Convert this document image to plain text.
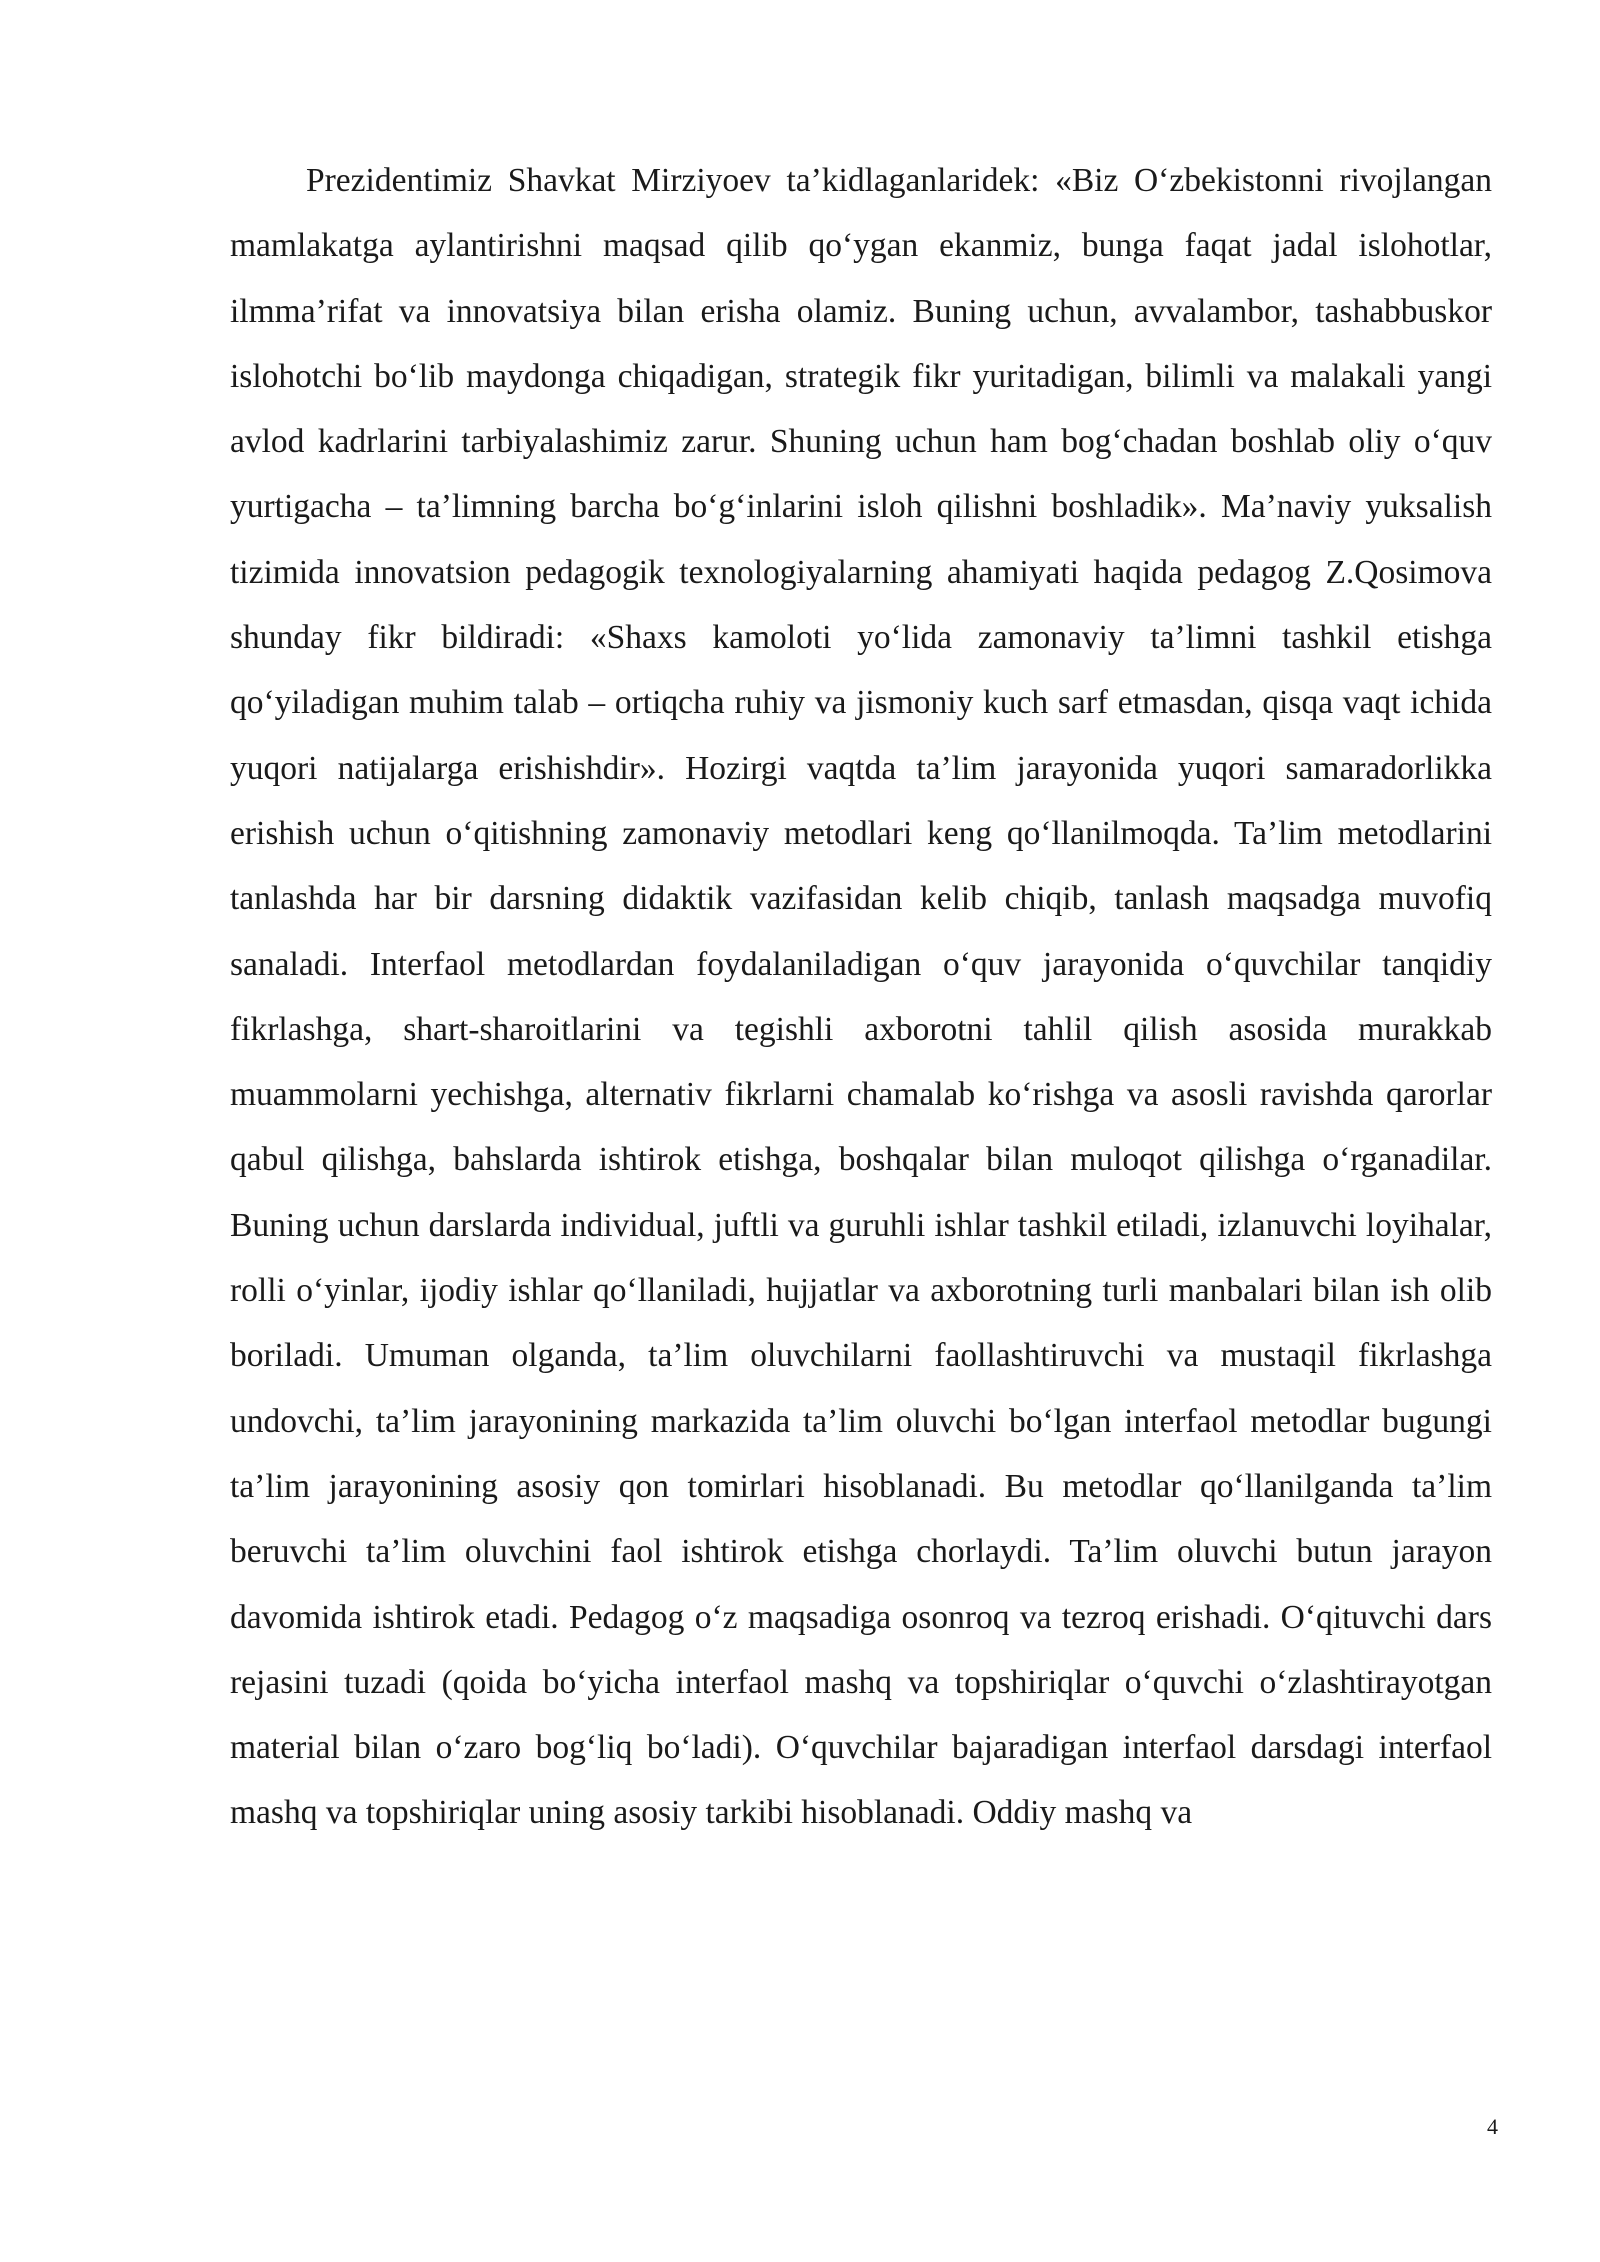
Prezidentimiz Shavkat Mirziyoev ta’kidlaganlaridek: «Biz O‘zbekistonni rivojlangan mamlakatga aylantirishni maqsad qilib qo‘ygan ekanmiz, bunga faqat jadal islohotlar, ilmma’rifat va innovatsiya bilan erisha olamiz. Buning uchun, avvalambor, tashabbuskor islohotchi bo‘lib maydonga chiqadigan, strategik fikr yuritadigan, bilimli va malakali yangi avlod kadrlarini tarbiyalashimiz zarur. Shuning uchun ham bog‘chadan boshlab oliy o‘quv yurtigacha – ta’limning barcha bo‘g‘inlarini isloh qilishni boshladik». Ma’naviy yuksalish tizimida innovatsion pedagogik texnologiyalarning ahamiyati haqida pedagog Z.Qosimova shunday fikr bildiradi: «Shaxs kamoloti yo‘lida zamonaviy ta’limni tashkil etishga qo‘yiladigan muhim talab – ortiqcha ruhiy va jismoniy kuch sarf etmasdan, qisqa vaqt ichida yuqori natijalarga erishishdir». Hozirgi vaqtda ta’lim jarayonida yuqori samaradorlikka erishish uchun o‘qitishning zamonaviy metodlari keng qo‘llanilmoqda. Ta’lim metodlarini tanlashda har bir darsning didaktik vazifasidan kelib chiqib, tanlash maqsadga muvofiq sanaladi. Interfaol metodlardan foydalaniladigan o‘quv jarayonida o‘quvchilar tanqidiy fikrlashga, shart-sharoitlarini va tegishli axborotni tahlil qilish asosida murakkab muammolarni yechishga, alternativ fikrlarni chamalab ko‘rishga va asosli ravishda qarorlar qabul qilishga, bahslarda ishtirok etishga, boshqalar bilan muloqot qilishga o‘rganadilar. Buning uchun darslarda individual, juftli va guruhli ishlar tashkil etiladi, izlanuvchi loyihalar, rolli o‘yinlar, ijodiy ishlar qo‘llaniladi, hujjatlar va axborotning turli manbalari bilan ish olib boriladi. Umuman olganda, ta’lim oluvchilarni faollashtiruvchi va mustaqil fikrlashga undovchi, ta’lim jarayonining markazida ta’lim oluvchi bo‘lgan interfaol metodlar bugungi ta’lim jarayonining asosiy qon tomirlari hisoblanadi. Bu metodlar qo‘llanilganda ta’lim beruvchi ta’lim oluvchini faol ishtirok etishga chorlaydi. Ta’lim oluvchi butun jarayon davomida ishtirok etadi. Pedagog o‘z maqsadiga osonroq va tezroq erishadi. O‘qituvchi dars rejasini tuzadi (qoida bo‘yicha interfaol mashq va topshiriqlar o‘quvchi o‘zlashtirayotgan material bilan o‘zaro bog‘liq bo‘ladi). O‘quvchilar bajaradigan interfaol darsdagi interfaol mashq va topshiriqlar uning asosiy tarkibi hisoblanadi. Oddiy mashq va

4
